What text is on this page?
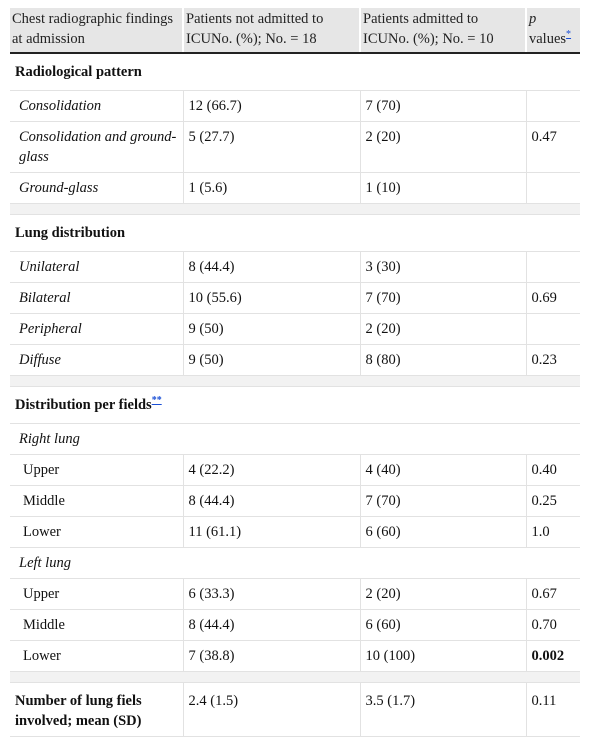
Chest radiographic findings at admission	Patients not admitted to ICUNo. (%); No. = 18	Patients admitted to ICUNo. (%); No. = 10	p values*
Radiological pattern			
Consolidation	12 (66.7)	7 (70)	
Consolidation and ground-glass	5 (27.7)	2 (20)	0.47
Ground-glass	1 (5.6)	1 (10)	

Lung distribution			
Unilateral	8 (44.4)	3 (30)	
Bilateral	10 (55.6)	7 (70)	0.69
Peripheral	9 (50)	2 (20)	
Diffuse	9 (50)	8 (80)	0.23

Distribution per fields**
Right lung			
Upper	4 (22.2)	4 (40)	0.40
Middle	8 (44.4)	7 (70)	0.25
Lower	11 (61.1)	6 (60)	1.0
Left lung			
Upper	6 (33.3)	2 (20)	0.67
Middle	8 (44.4)	6 (60)	0.70
Lower	7 (38.8)	10 (100)	0.002

Number of lung fiels involved; mean (SD)	2.4 (1.5)	3.5 (1.7)	0.11
